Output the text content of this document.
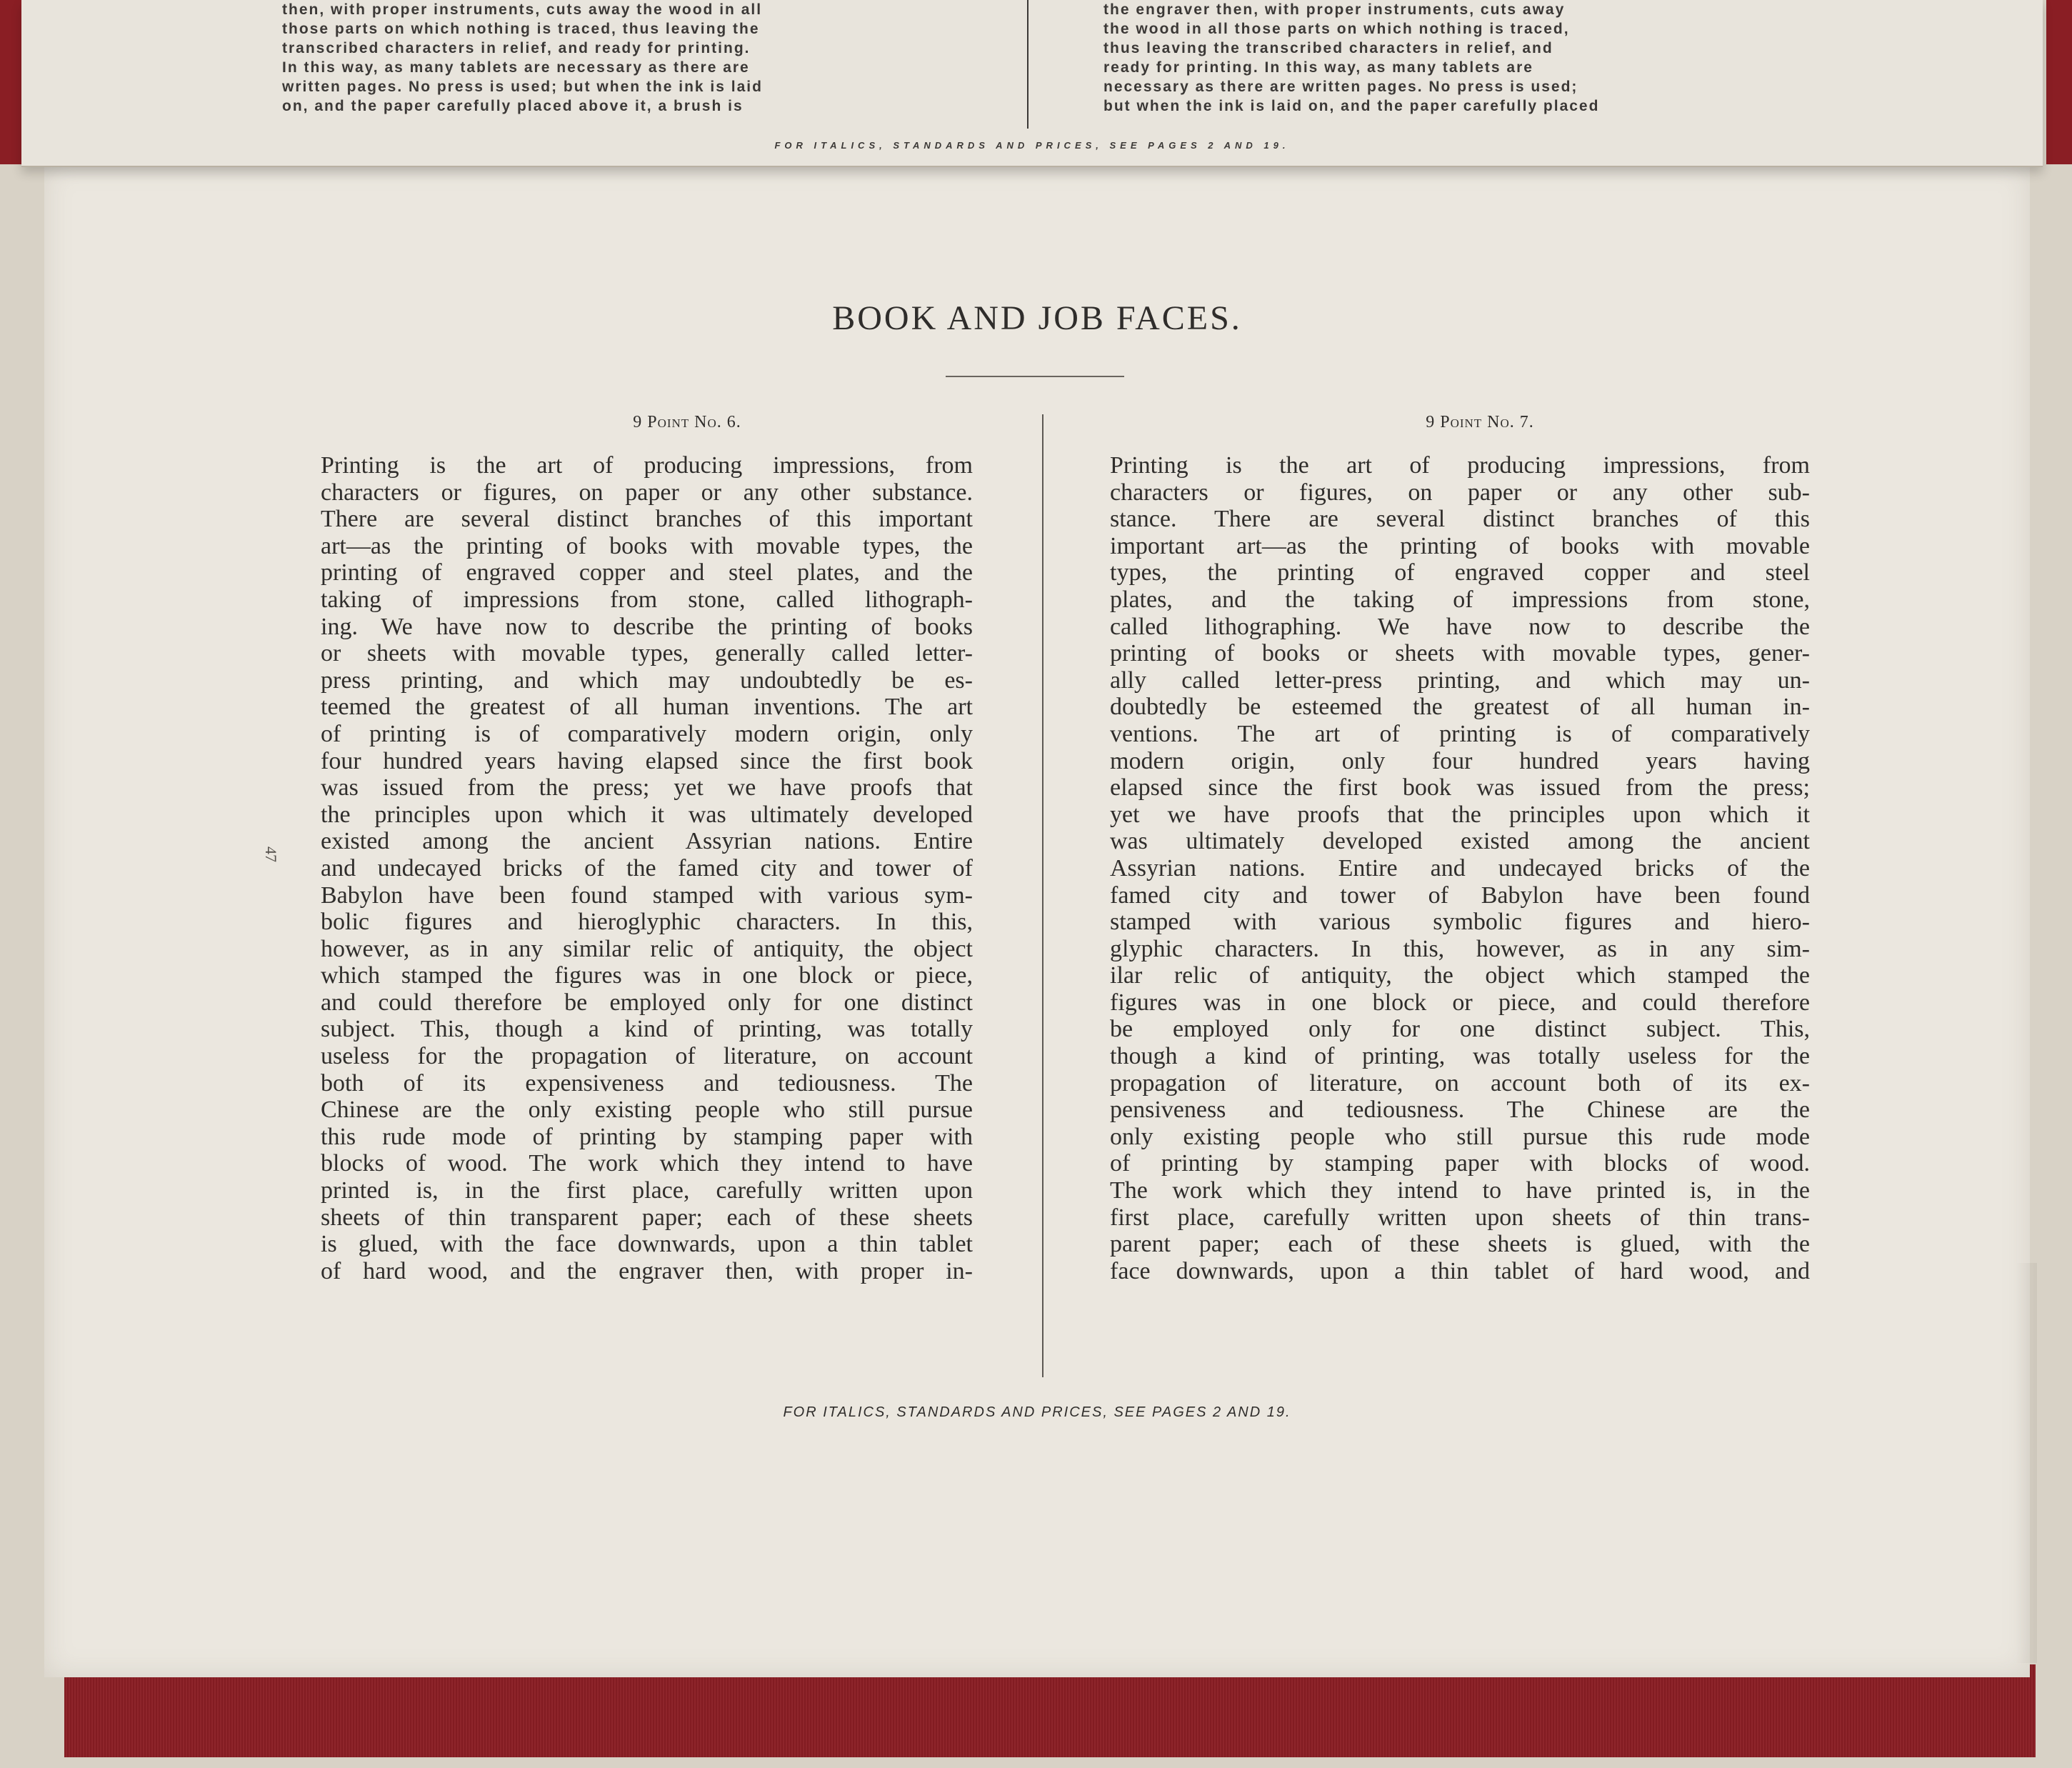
then, with proper instruments, cuts away the wood in all

those parts on which nothing is traced, thus leaving the

transcribed characters in relief, and ready for printing.

In this way, as many tablets are necessary as there are

written pages. No press is used; but when the ink is laid

on, and the paper carefully placed above it, a brush is

the engraver then, with proper instruments, cuts away

the wood in all those parts on which nothing is traced,

thus leaving the transcribed characters in relief, and

ready for printing. In this way, as many tablets are

necessary as there are written pages. No press is used;

but when the ink is laid on, and the paper carefully placed

FOR ITALICS, STANDARDS AND PRICES, SEE PAGES 2 AND 19.
BOOK AND JOB FACES.
9 Point No. 6.	9 Point No. 7.
Printing is the art of producing impressions, from
characters or figures, on paper or any other substance.
There are several distinct branches of this important
art—as the printing of books with movable types, the
printing of engraved copper and steel plates, and the
taking of impressions from stone, called lithograph-
ing. We have now to describe the printing of books
or sheets with movable types, generally called letter-
press printing, and which may undoubtedly be es-
teemed the greatest of all human inventions. The art
of printing is of comparatively modern origin, only
four hundred years having elapsed since the first book
was issued from the press; yet we have proofs that
the principles upon which it was ultimately developed
existed among the ancient Assyrian nations. Entire
and undecayed bricks of the famed city and tower of
Babylon have been found stamped with various sym-
bolic figures and hieroglyphic characters. In this,
however, as in any similar relic of antiquity, the object
which stamped the figures was in one block or piece,
and could therefore be employed only for one distinct
subject. This, though a kind of printing, was totally
useless for the propagation of literature, on account
both of its expensiveness and tediousness. The
Chinese are the only existing people who still pursue
this rude mode of printing by stamping paper with
blocks of wood. The work which they intend to have
printed is, in the first place, carefully written upon
sheets of thin transparent paper; each of these sheets
is glued, with the face downwards, upon a thin tablet
of hard wood, and the engraver then, with proper in-
Printing is the art of producing impressions, from
characters or figures, on paper or any other sub-
stance. There are several distinct branches of this
important art—as the printing of books with movable
types, the printing of engraved copper and steel
plates, and the taking of impressions from stone,
called lithographing. We have now to describe the
printing of books or sheets with movable types, gener-
ally called letter-press printing, and which may un-
doubtedly be esteemed the greatest of all human in-
ventions. The art of printing is of comparatively
modern origin, only four hundred years having
elapsed since the first book was issued from the press;
yet we have proofs that the principles upon which it
was ultimately developed existed among the ancient
Assyrian nations. Entire and undecayed bricks of the
famed city and tower of Babylon have been found
stamped with various symbolic figures and hiero-
glyphic characters. In this, however, as in any sim-
ilar relic of antiquity, the object which stamped the
figures was in one block or piece, and could therefore
be employed only for one distinct subject. This,
though a kind of printing, was totally useless for the
propagation of literature, on account both of its ex-
pensiveness and tediousness. The Chinese are the
only existing people who still pursue this rude mode
of printing by stamping paper with blocks of wood.
The work which they intend to have printed is, in the
first place, carefully written upon sheets of thin trans-
parent paper; each of these sheets is glued, with the
face downwards, upon a thin tablet of hard wood, and
47
FOR ITALICS, STANDARDS AND PRICES, SEE PAGES 2 AND 19.
